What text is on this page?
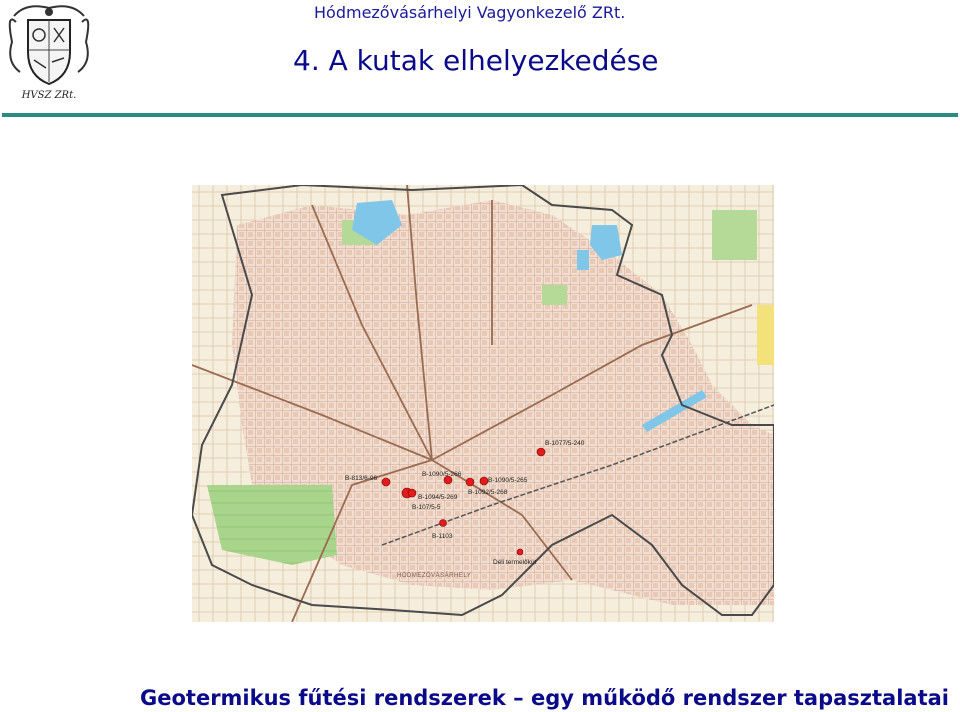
HVSZ ZRt.
Hódmezővásárhelyi Vagyonkezelő ZRt.
4. A kutak elhelyezkedése
HÓDMEZŐVÁSÁRHELY
B-813/6-96
B-1090/5-266
B-1090/5-265
B-1092/5-268
B-1094/5-269
B-107/5-5
B-1103
B-1077/5-240
Déli termelőkút
Geotermikus fűtési rendszerek – egy működő rendszer tapasztalatai
